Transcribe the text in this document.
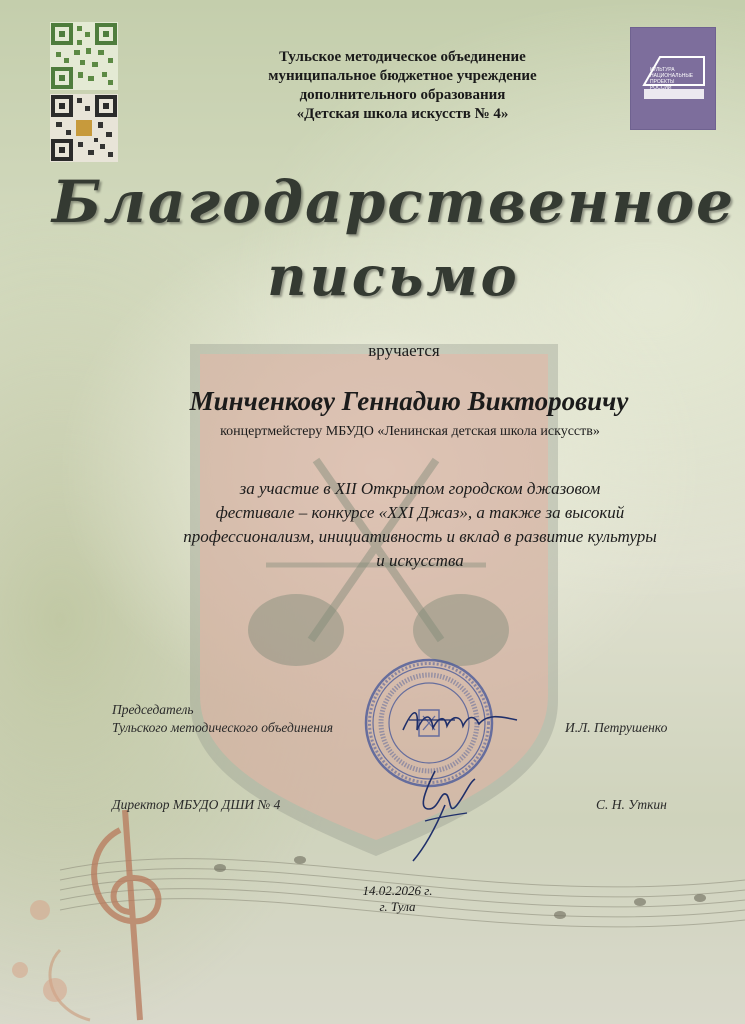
КУЛЬТУРА
НАЦИОНАЛЬНЫЕ
ПРОЕКТЫ
РОССИИ
Тульское методическое объединение
муниципальное бюджетное учреждение
дополнительного образования
«Детская школа искусств № 4»
Благодарственное
письмо
вручается
Минченкову Геннадию Викторовичу
концертмейстеру МБУДО «Ленинская детская школа искусств»
за участие в XII Открытом городском джазовом
фестивале – конкурсе «XXI Джаз», а также за высокий
профессионализм, инициативность и вклад в развитие культуры
и искусства
Председатель
Тульского методического объединения	И.Л. Петрушенко
Директор МБУДО ДШИ № 4	С. Н. Уткин
14.02.2026 г.
г. Тула
